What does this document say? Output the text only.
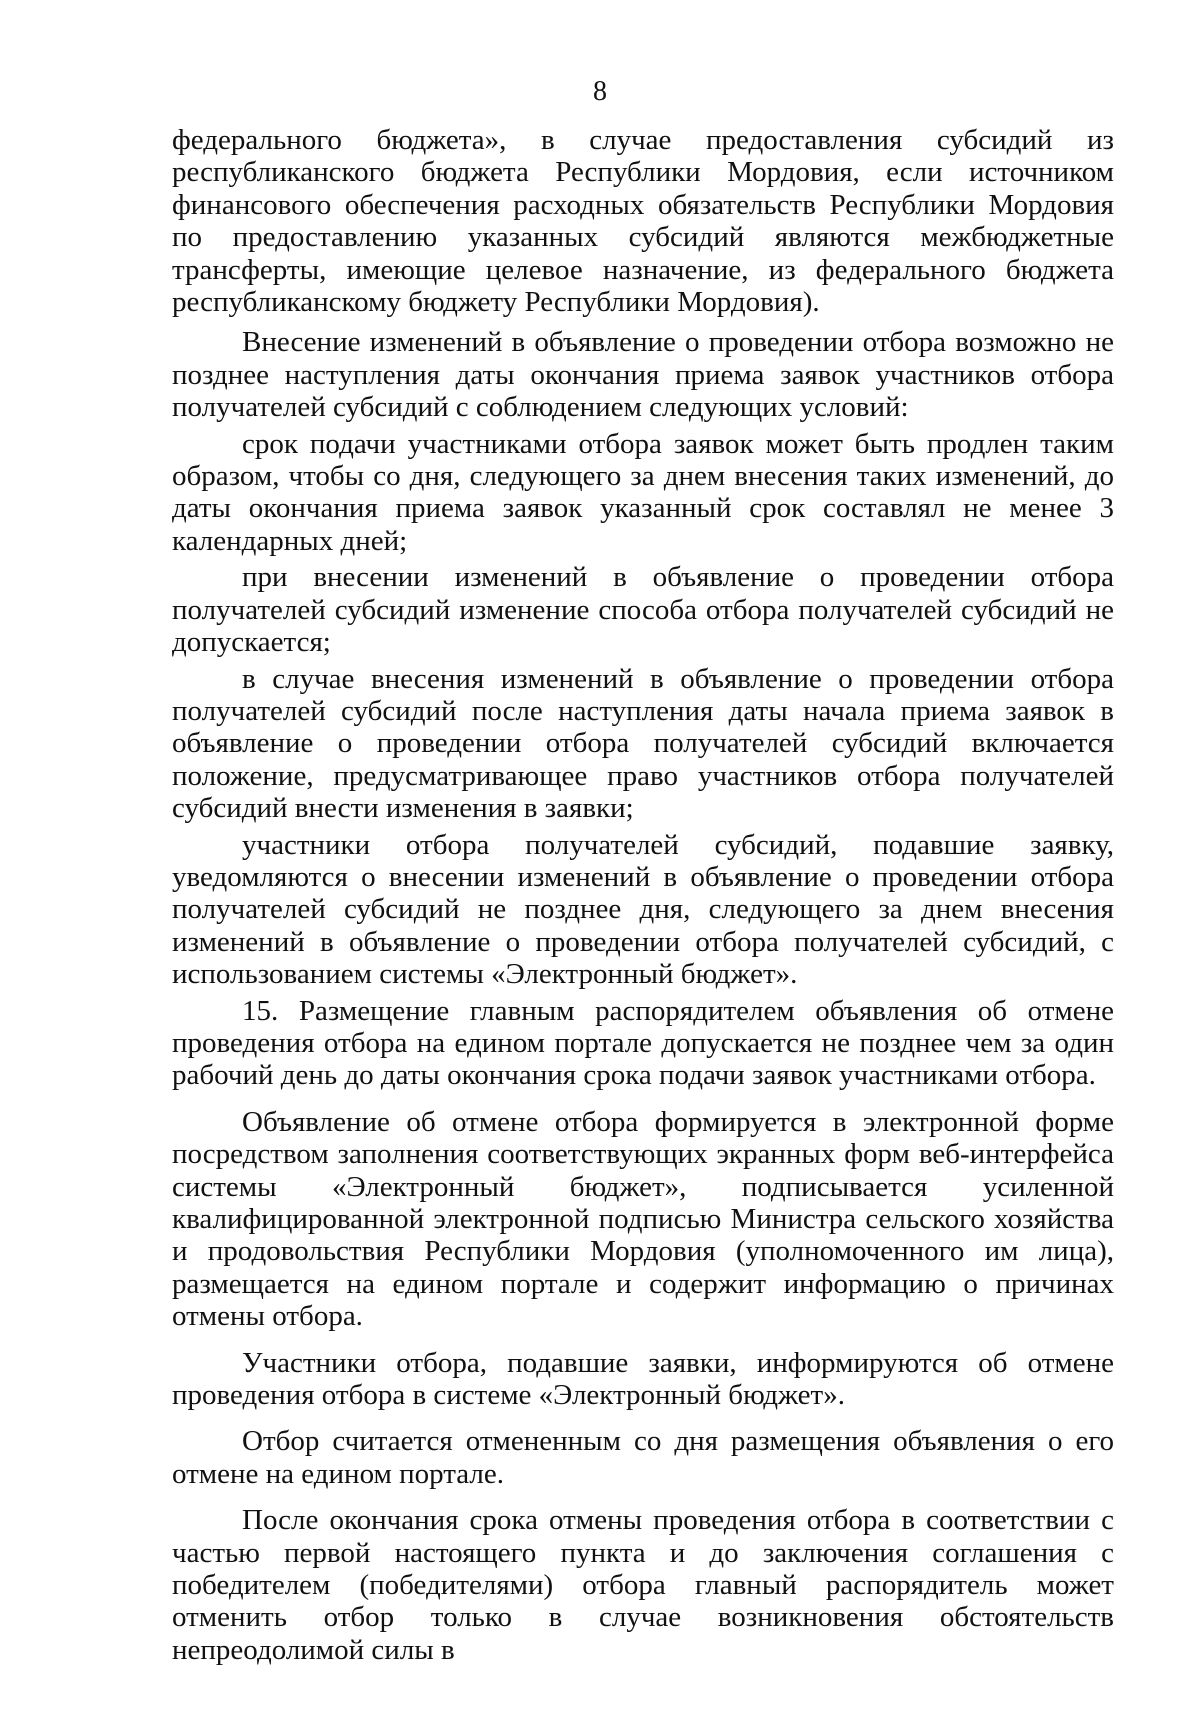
8

федерального бюджета», в случае предоставления субсидий из республиканского бюджета Республики Мордовия, если источником финансового обеспечения расходных обязательств Республики Мордовия по предоставлению указанных субсидий являются межбюджетные трансферты, имеющие целевое назначение, из федерального бюджета республиканскому бюджету Республики Мордовия).

Внесение изменений в объявление о проведении отбора возможно не позднее наступления даты окончания приема заявок участников отбора получателей субсидий с соблюдением следующих условий:

срок подачи участниками отбора заявок может быть продлен таким образом, чтобы со дня, следующего за днем внесения таких изменений, до даты окончания приема заявок указанный срок составлял не менее 3 календарных дней;

при внесении изменений в объявление о проведении отбора получателей субсидий изменение способа отбора получателей субсидий не допускается;

в случае внесения изменений в объявление о проведении отбора получателей субсидий после наступления даты начала приема заявок в объявление о проведении отбора получателей субсидий включается положение, предусматривающее право участников отбора получателей субсидий внести изменения в заявки;

участники отбора получателей субсидий, подавшие заявку, уведомляются о внесении изменений в объявление о проведении отбора получателей субсидий не позднее дня, следующего за днем внесения изменений в объявление о проведении отбора получателей субсидий, с использованием системы «Электронный бюджет».

15. Размещение главным распорядителем объявления об отмене проведения отбора на едином портале допускается не позднее чем за один рабочий день до даты окончания срока подачи заявок участниками отбора.

Объявление об отмене отбора формируется в электронной форме посредством заполнения соответствующих экранных форм веб-интерфейса системы «Электронный бюджет», подписывается усиленной квалифицированной электронной подписью Министра сельского хозяйства и продовольствия Республики Мордовия (уполномоченного им лица), размещается на едином портале и содержит информацию о причинах отмены отбора.

Участники отбора, подавшие заявки, информируются об отмене проведения отбора в системе «Электронный бюджет».

Отбор считается отмененным со дня размещения объявления о его отмене на едином портале.

После окончания срока отмены проведения отбора в соответствии с частью первой настоящего пункта и до заключения соглашения с победителем (победителями) отбора главный распорядитель может отменить отбор только в случае возникновения обстоятельств непреодолимой силы в
